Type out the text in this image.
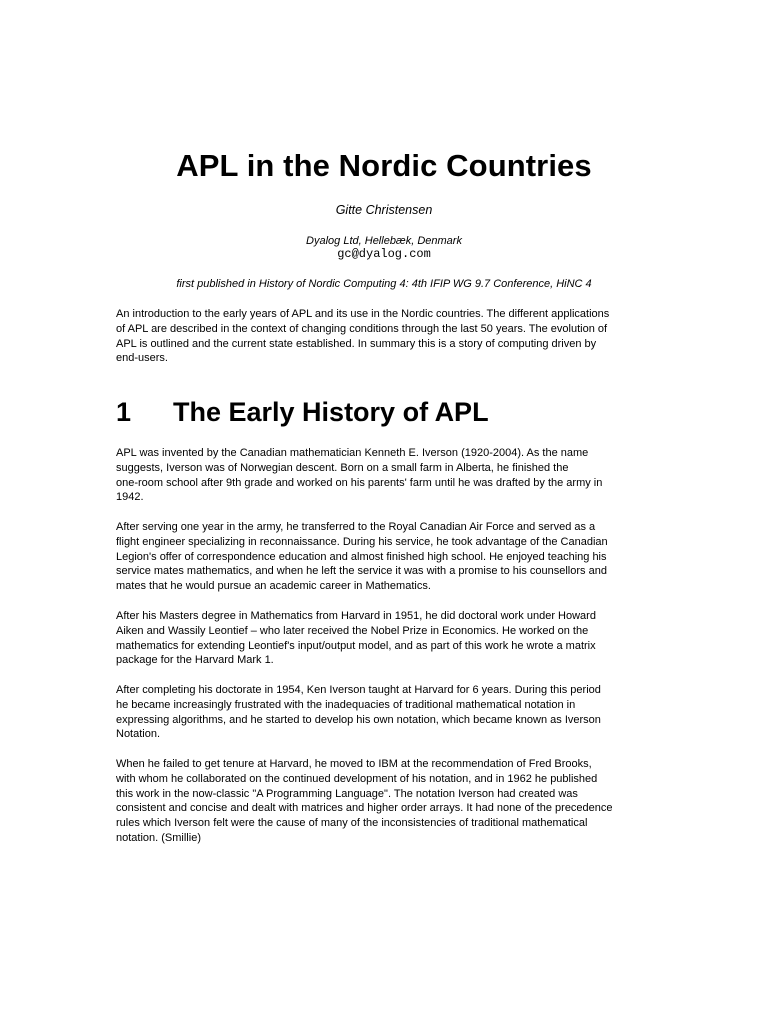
APL in the Nordic Countries
Gitte Christensen
Dyalog Ltd, Hellebæk, Denmark
gc@dyalog.com
first published in History of Nordic Computing 4: 4th IFIP WG 9.7 Conference, HiNC 4
An introduction to the early years of APL and its use in the Nordic countries. The different applications
of APL are described in the context of changing conditions through the last 50 years. The evolution of
APL is outlined and the current state established. In summary this is a story of computing driven by
end-users.
1 The Early History of APL
APL was invented by the Canadian mathematician Kenneth E. Iverson (1920-2004). As the name
suggests, Iverson was of Norwegian descent. Born on a small farm in Alberta, he finished the
one-room school after 9th grade and worked on his parents' farm until he was drafted by the army in
1942.
After serving one year in the army, he transferred to the Royal Canadian Air Force and served as a
flight engineer specializing in reconnaissance. During his service, he took advantage of the Canadian
Legion's offer of correspondence education and almost finished high school. He enjoyed teaching his
service mates mathematics, and when he left the service it was with a promise to his counsellors and
mates that he would pursue an academic career in Mathematics.
After his Masters degree in Mathematics from Harvard in 1951, he did doctoral work under Howard
Aiken and Wassily Leontief – who later received the Nobel Prize in Economics. He worked on the
mathematics for extending Leontief's input/output model, and as part of this work he wrote a matrix
package for the Harvard Mark 1.
After completing his doctorate in 1954, Ken Iverson taught at Harvard for 6 years. During this period
he became increasingly frustrated with the inadequacies of traditional mathematical notation in
expressing algorithms, and he started to develop his own notation, which became known as Iverson
Notation.
When he failed to get tenure at Harvard, he moved to IBM at the recommendation of Fred Brooks,
with whom he collaborated on the continued development of his notation, and in 1962 he published
this work in the now-classic "A Programming Language". The notation Iverson had created was
consistent and concise and dealt with matrices and higher order arrays. It had none of the precedence
rules which Iverson felt were the cause of many of the inconsistencies of traditional mathematical
notation. (Smillie)
